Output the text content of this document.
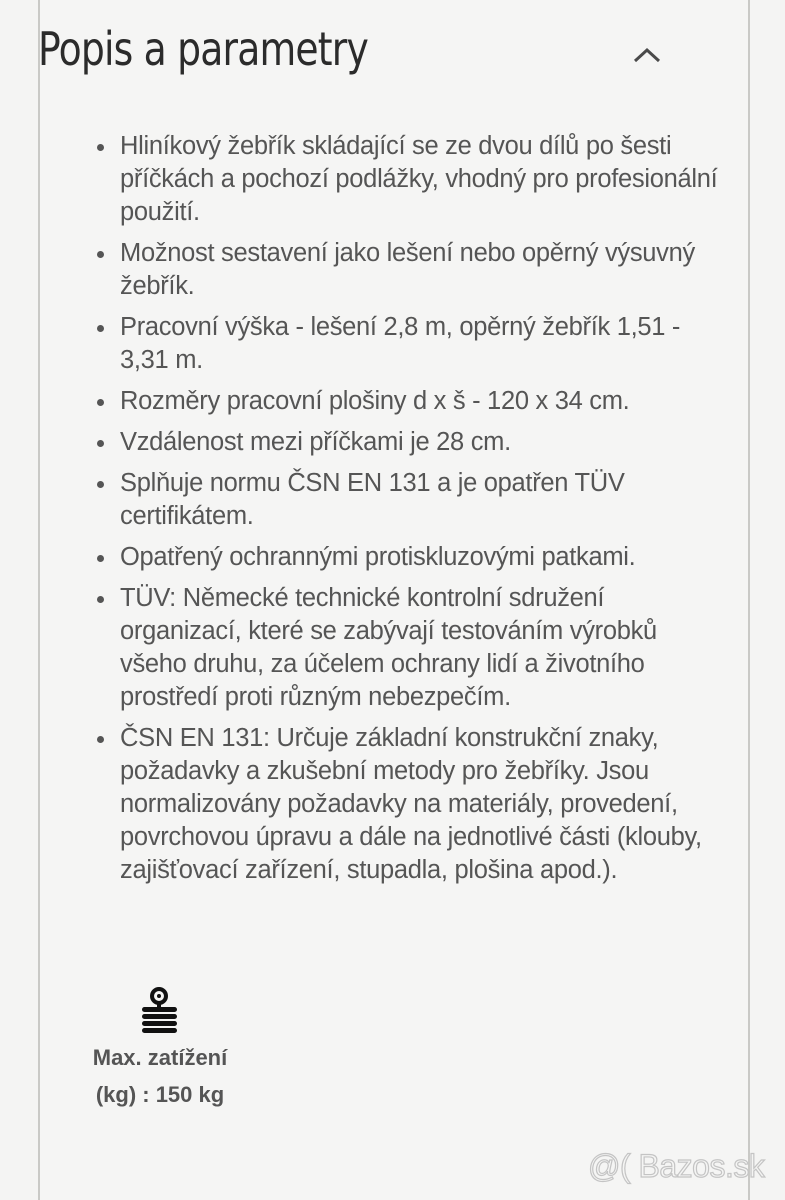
Popis a parametry
Hliníkový žebřík skládající se ze dvou dílů po šesti příčkách a pochozí podlážky, vhodný pro profesionální použití.
Možnost sestavení jako lešení nebo opěrný výsuvný žebřík.
Pracovní výška - lešení 2,8 m, opěrný žebřík 1,51 - 3,31 m.
Rozměry pracovní plošiny d x š - 120 x 34 cm.
Vzdálenost mezi příčkami je 28 cm.
Splňuje normu ČSN EN 131 a je opatřen TÜV certifikátem.
Opatřený ochrannými protiskluzovými patkami.
TÜV: Německé technické kontrolní sdružení organizací, které se zabývají testováním výrobků všeho druhu, za účelem ochrany lidí a životního prostředí proti různým nebezpečím.
ČSN EN 131: Určuje základní konstrukční znaky, požadavky a zkušební metody pro žebříky. Jsou normalizovány požadavky na materiály, provedení, povrchovou úpravu a dále na jednotlivé části (klouby, zajišťovací zařízení, stupadla, plošina apod.).
Max. zatížení
(kg) : 150 kg
@( Bazos.sk
